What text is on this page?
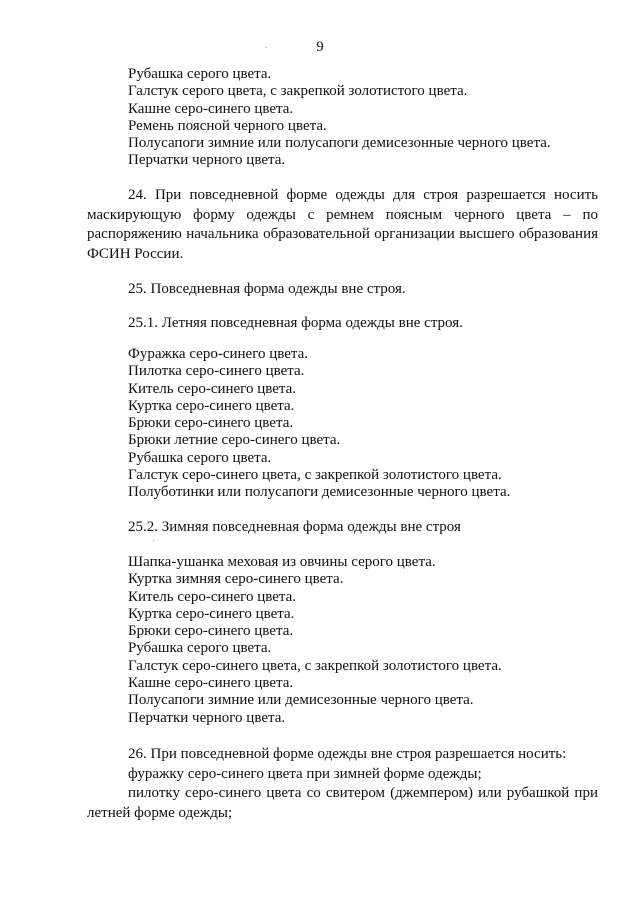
9
Рубашка серого цвета.
Галстук серого цвета, с закрепкой золотистого цвета.
Кашне серо-синего цвета.
Ремень поясной черного цвета.
Полусапоги зимние или полусапоги демисезонные черного цвета.
Перчатки черного цвета.
24. При повседневной форме одежды для строя разрешается носить маскирующую форму одежды с ремнем поясным черного цвета – по распоряжению начальника образовательной организации высшего образования ФСИН России.
25. Повседневная форма одежды вне строя.
25.1. Летняя повседневная форма одежды вне строя.
Фуражка серо-синего цвета.
Пилотка серо-синего цвета.
Китель серо-синего цвета.
Куртка серо-синего цвета.
Брюки серо-синего цвета.
Брюки летние серо-синего цвета.
Рубашка серого цвета.
Галстук серо-синего цвета, с закрепкой золотистого цвета.
Полуботинки или полусапоги демисезонные черного цвета.
25.2. Зимняя повседневная форма одежды вне строя
Шапка-ушанка меховая из овчины серого цвета.
Куртка зимняя серо-синего цвета.
Китель серо-синего цвета.
Куртка серо-синего цвета.
Брюки серо-синего цвета.
Рубашка серого цвета.
Галстук серо-синего цвета, с закрепкой золотистого цвета.
Кашне серо-синего цвета.
Полусапоги зимние или демисезонные черного цвета.
Перчатки черного цвета.
26. При повседневной форме одежды вне строя разрешается носить:
фуражку серо-синего цвета при зимней форме одежды;
пилотку серо-синего цвета со свитером (джемпером) или рубашкой при летней форме одежды;
